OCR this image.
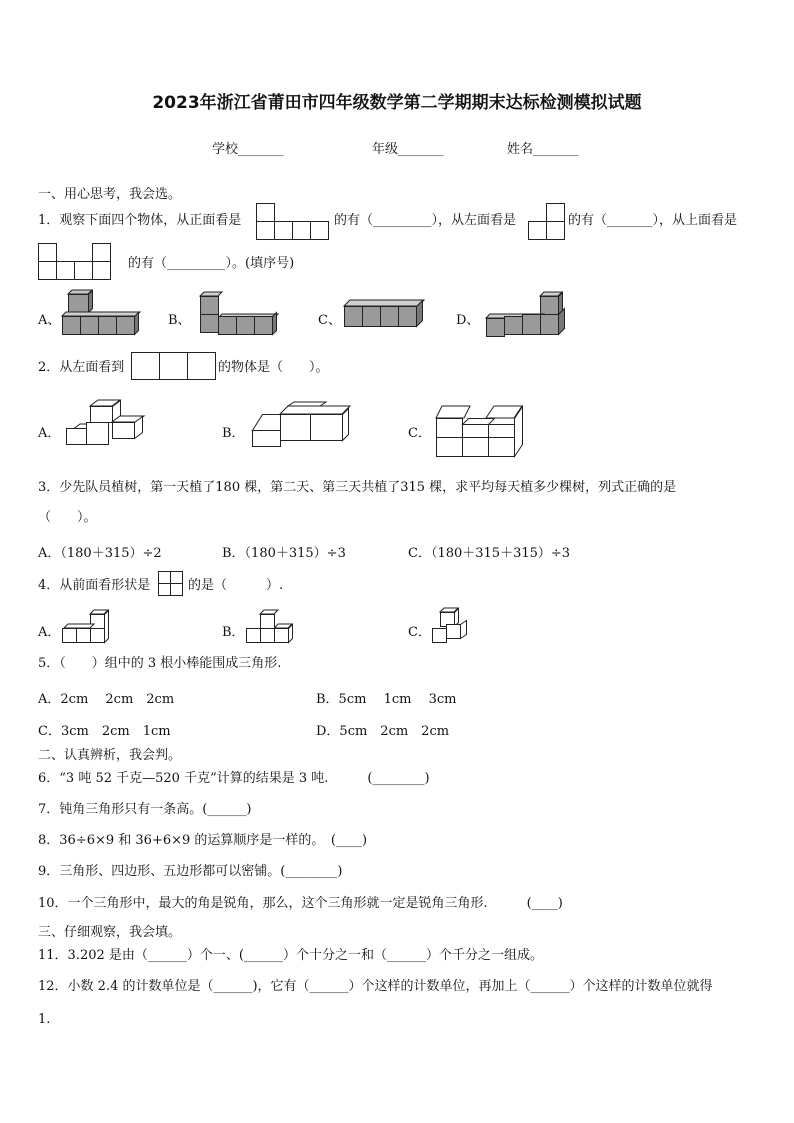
2023年浙江省莆田市四年级数学第二学期期末达标检测模拟试题
学校_______	年级_______	姓名_______
一、用心思考，我会选。
1．观察下面四个物体，从正面看是	的有（_________），从左面看是	的有（_______），从上面看是
的有（_________）。(填序号)
A、	B、	C、	D、
2．从左面看到	的物体是（　　）。
A．	B．	C．
3．少先队员植树，第一天植了180 棵，第二天、第三天共植了315 棵，求平均每天植多少棵树，列式正确的是
（　　）。
A．（180＋315）÷2	B．（180＋315）÷3	C．（180＋315＋315）÷3
4．从前面看形状是	的是（　　　）.
A．	B．	C．
5．（　　）组中的 3 根小棒能围成三角形.
A．2cm　 2cm　2cm	B．5cm　 1cm　 3cm
C．3cm　2cm　1cm	D．5cm　2cm　2cm
二、认真辨析，我会判。
6．“3 吨 52 千克—520 千克”计算的结果是 3 吨.　　　(________)
7．钝角三角形只有一条高。(______)
8．36÷6×9 和 36+6×9 的运算顺序是一样的。　(____)
9．三角形、四边形、五边形都可以密铺。(________)
10．一个三角形中，最大的角是锐角，那么，这个三角形就一定是锐角三角形.　　　(____)
三、仔细观察，我会填。
11．3.202 是由（______）个一、(______）个十分之一和（______）个千分之一组成。
12．小数 2.4 的计数单位是（______)，它有（______）个这样的计数单位，再加上（______）个这样的计数单位就得
1.
